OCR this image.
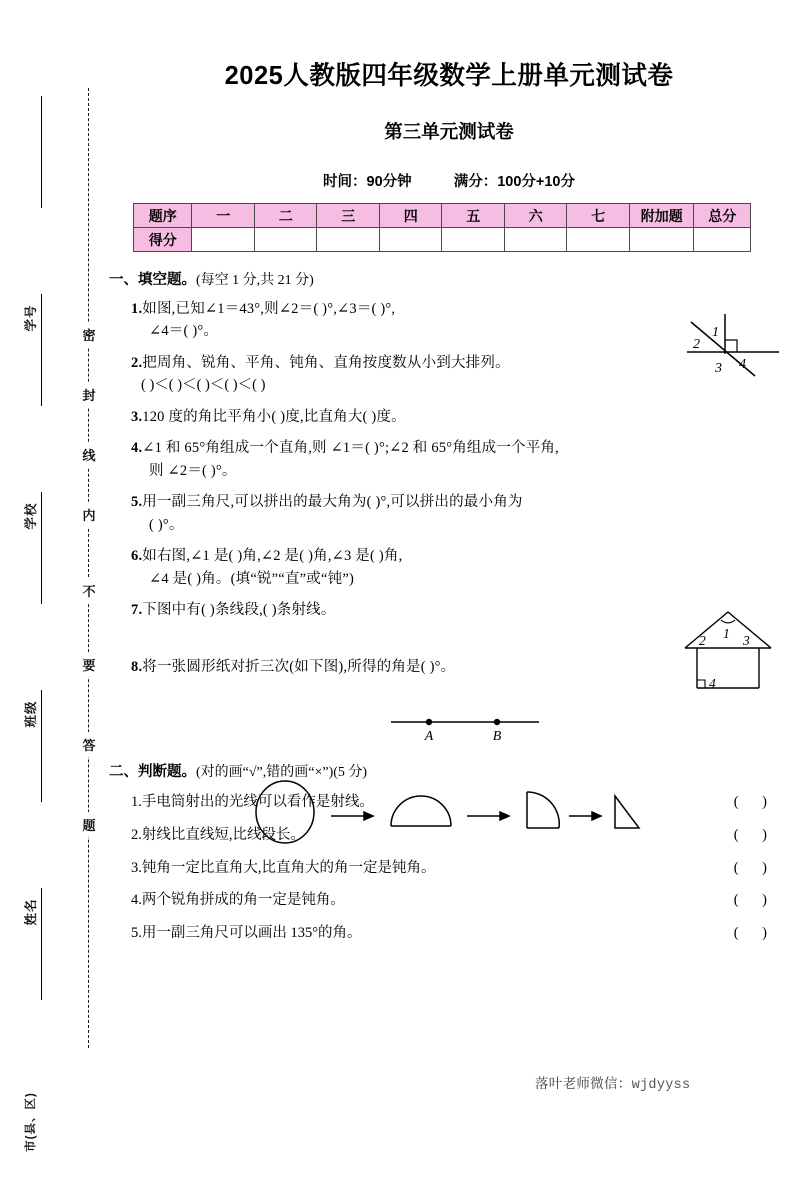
学号
学校
班级
姓名
市(县、区)
密
封
线
内
不
要
答
题
2025人教版四年级数学上册单元测试卷
第三单元测试卷
时间：90分钟	满分：100分+10分
题序	一	二	三	四	五	六	七	附加题	总分
得分									
一、填空题。(每空 1 分,共 21 分)
1.如图,已知∠1＝43°,则∠2＝( )°,∠3＝( )°,
∠4＝( )°。
2.把周角、锐角、平角、钝角、直角按度数从小到大排列。
( )＜( )＜( )＜( )＜( )
3.120 度的角比平角小( )度,比直角大( )度。
4.∠1 和 65°角组成一个直角,则 ∠1＝( )°;∠2 和 65°角组成一个平角,
则 ∠2＝( )°。
5.用一副三角尺,可以拼出的最大角为( )°,可以拼出的最小角为
( )°。
6.如右图,∠1 是( )角,∠2 是( )角,∠3 是( )角,
∠4 是( )角。(填“锐”“直”或“钝”)
7.下图中有( )条线段,( )条射线。
8.将一张圆形纸对折三次(如下图),所得的角是( )°。
二、判断题。(对的画“√”,错的画“×”)(5 分)
1.手电筒射出的光线可以看作是射线。	( )
2.射线比直线短,比线段长。	( )
3.钝角一定比直角大,比直角大的角一定是钝角。	( )
4.两个锐角拼成的角一定是钝角。	( )
5.用一副三角尺可以画出 135°的角。	( )
1
2
3 4
1
2	3
4
A	B
落叶老师微信：wjdyyss
